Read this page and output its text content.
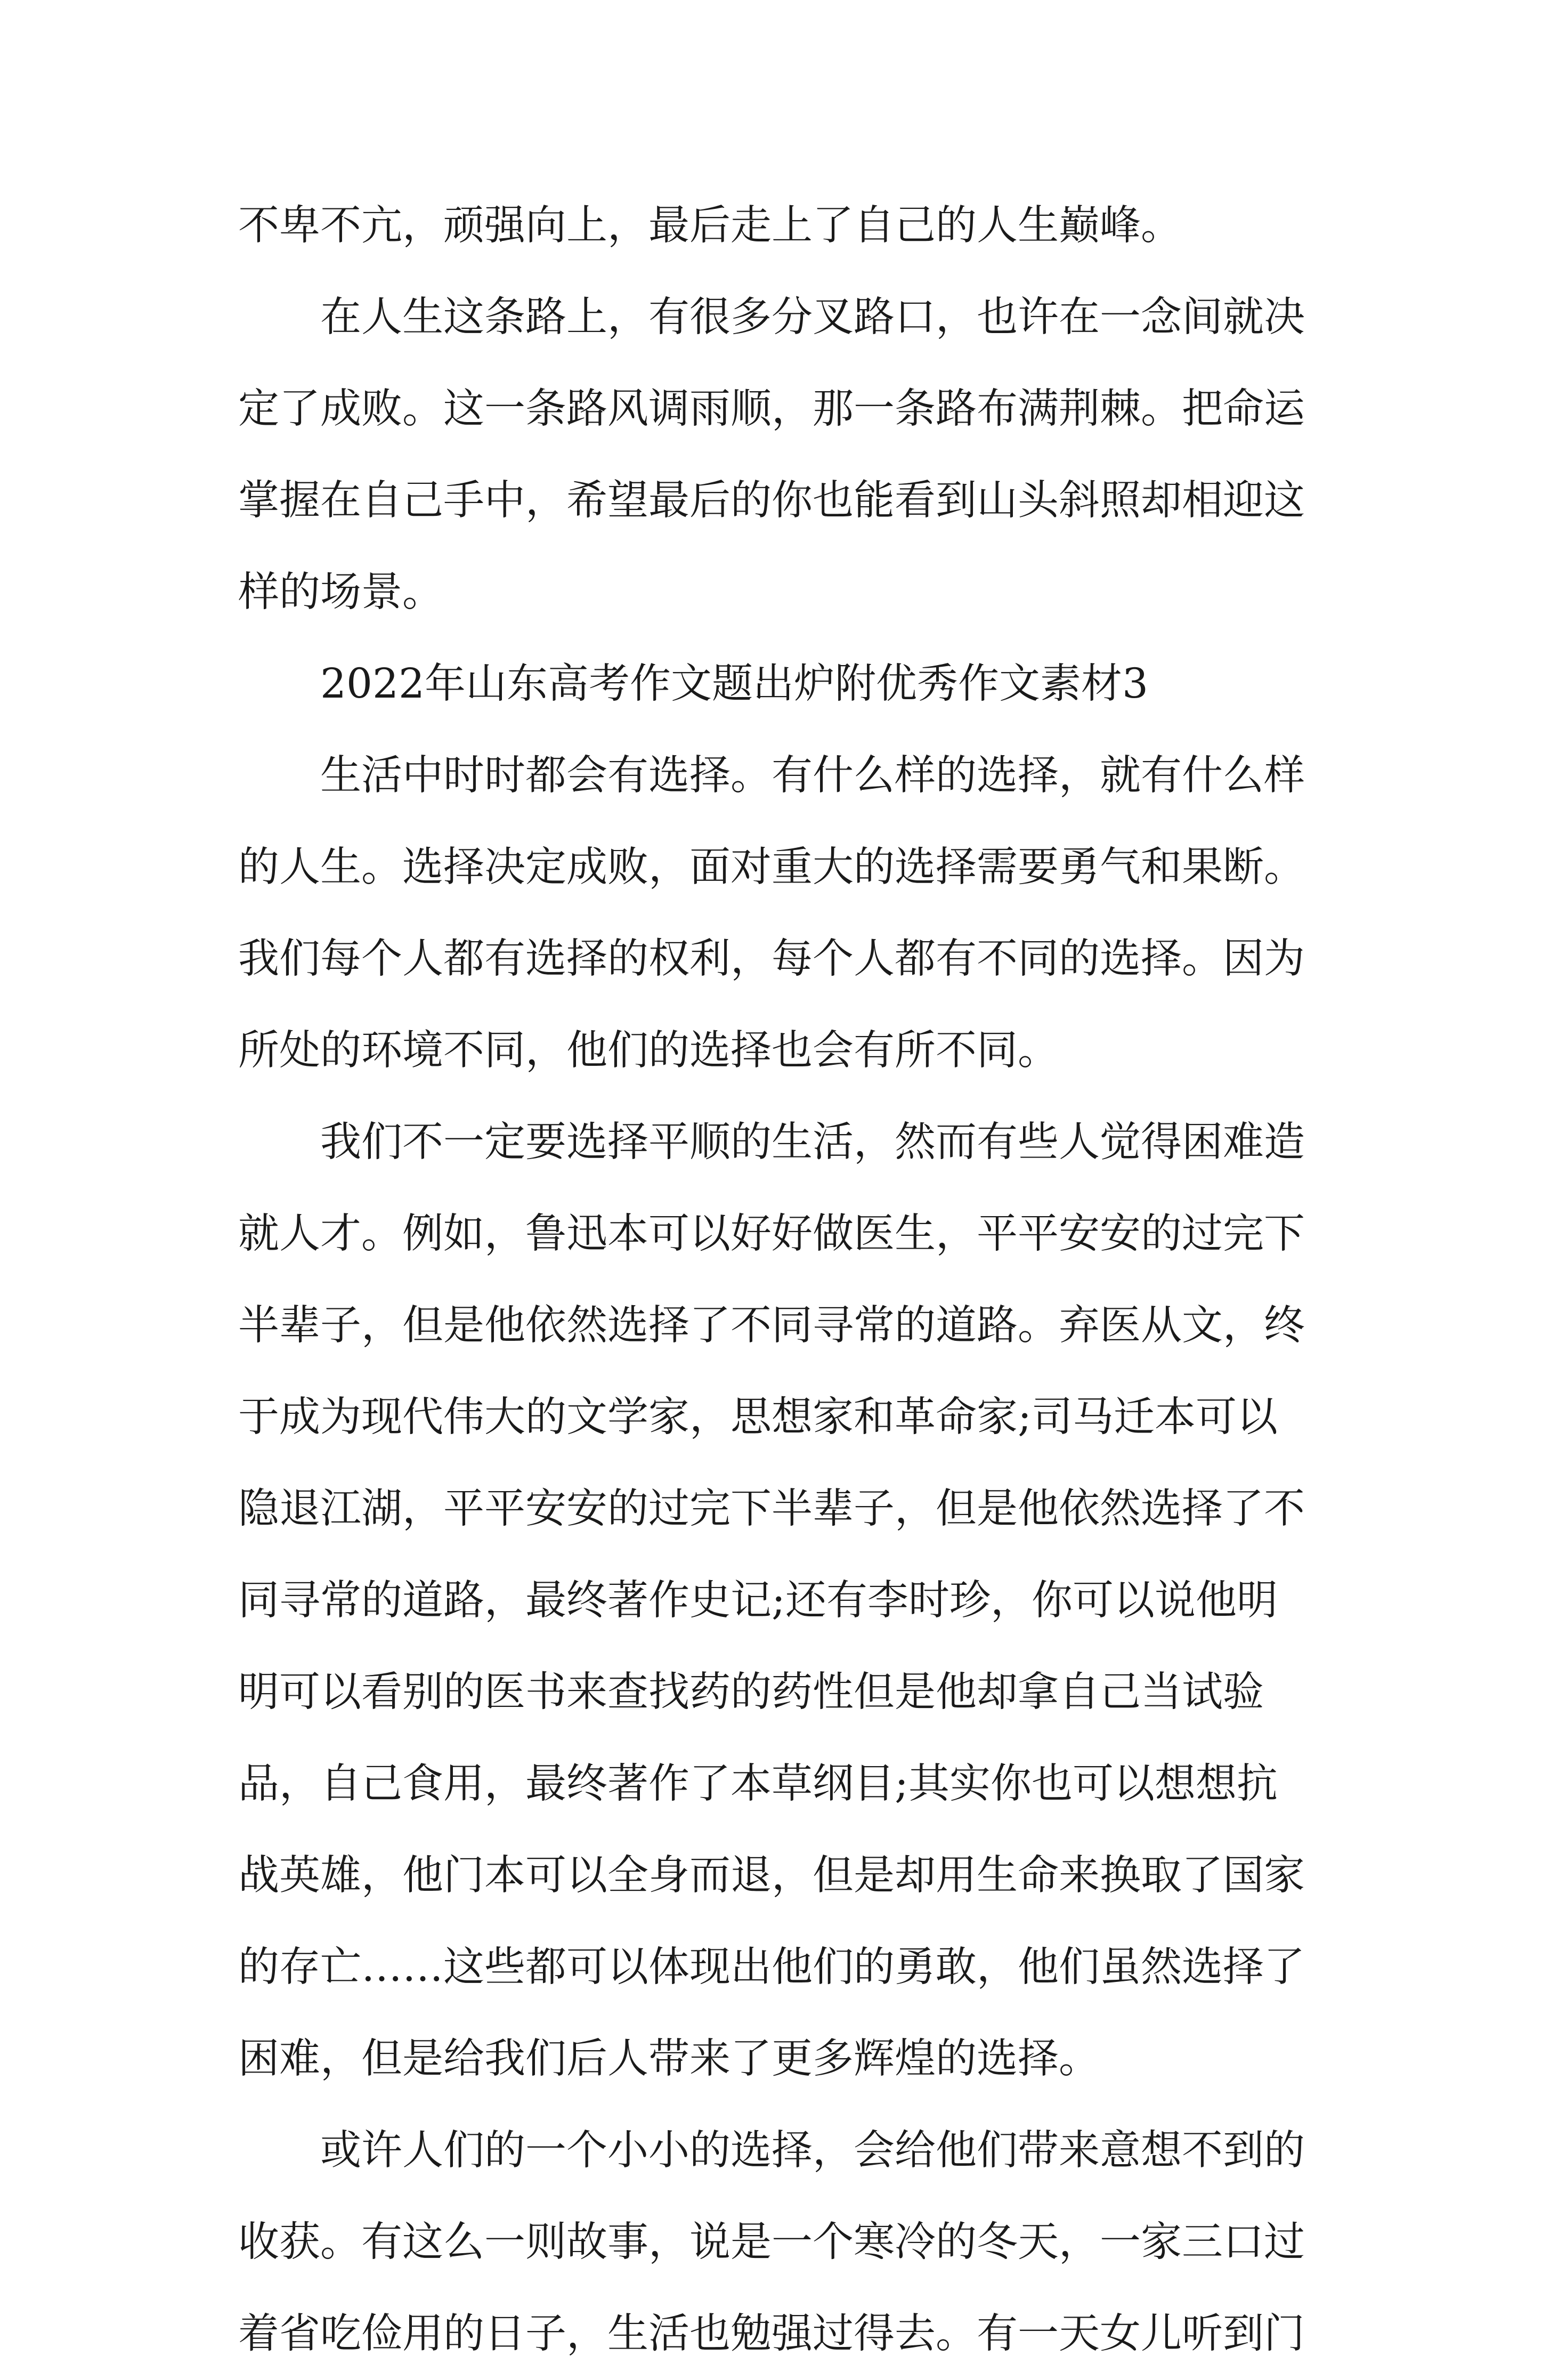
不卑不亢，顽强向上，最后走上了自己的人生巅峰。
在人生这条路上，有很多分叉路口，也许在一念间就决
定了成败。这一条路风调雨顺，那一条路布满荆棘。把命运
掌握在自己手中，希望最后的你也能看到山头斜照却相迎这
样的场景。
2022年山东高考作文题出炉附优秀作文素材3
生活中时时都会有选择。有什么样的选择，就有什么样
的人生。选择决定成败，面对重大的选择需要勇气和果断。
我们每个人都有选择的权利，每个人都有不同的选择。因为
所处的环境不同，他们的选择也会有所不同。
我们不一定要选择平顺的生活，然而有些人觉得困难造
就人才。例如，鲁迅本可以好好做医生，平平安安的过完下
半辈子，但是他依然选择了不同寻常的道路。弃医从文，终
于成为现代伟大的文学家，思想家和革命家;司马迁本可以
隐退江湖，平平安安的过完下半辈子，但是他依然选择了不
同寻常的道路，最终著作史记;还有李时珍，你可以说他明
明可以看别的医书来查找药的药性但是他却拿自己当试验
品，自己食用，最终著作了本草纲目;其实你也可以想想抗
战英雄，他门本可以全身而退，但是却用生命来换取了国家
的存亡……这些都可以体现出他们的勇敢，他们虽然选择了
困难，但是给我们后人带来了更多辉煌的选择。
或许人们的一个小小的选择，会给他们带来意想不到的
收获。有这么一则故事，说是一个寒冷的冬天，一家三口过
着省吃俭用的日子，生活也勉强过得去。有一天女儿听到门
